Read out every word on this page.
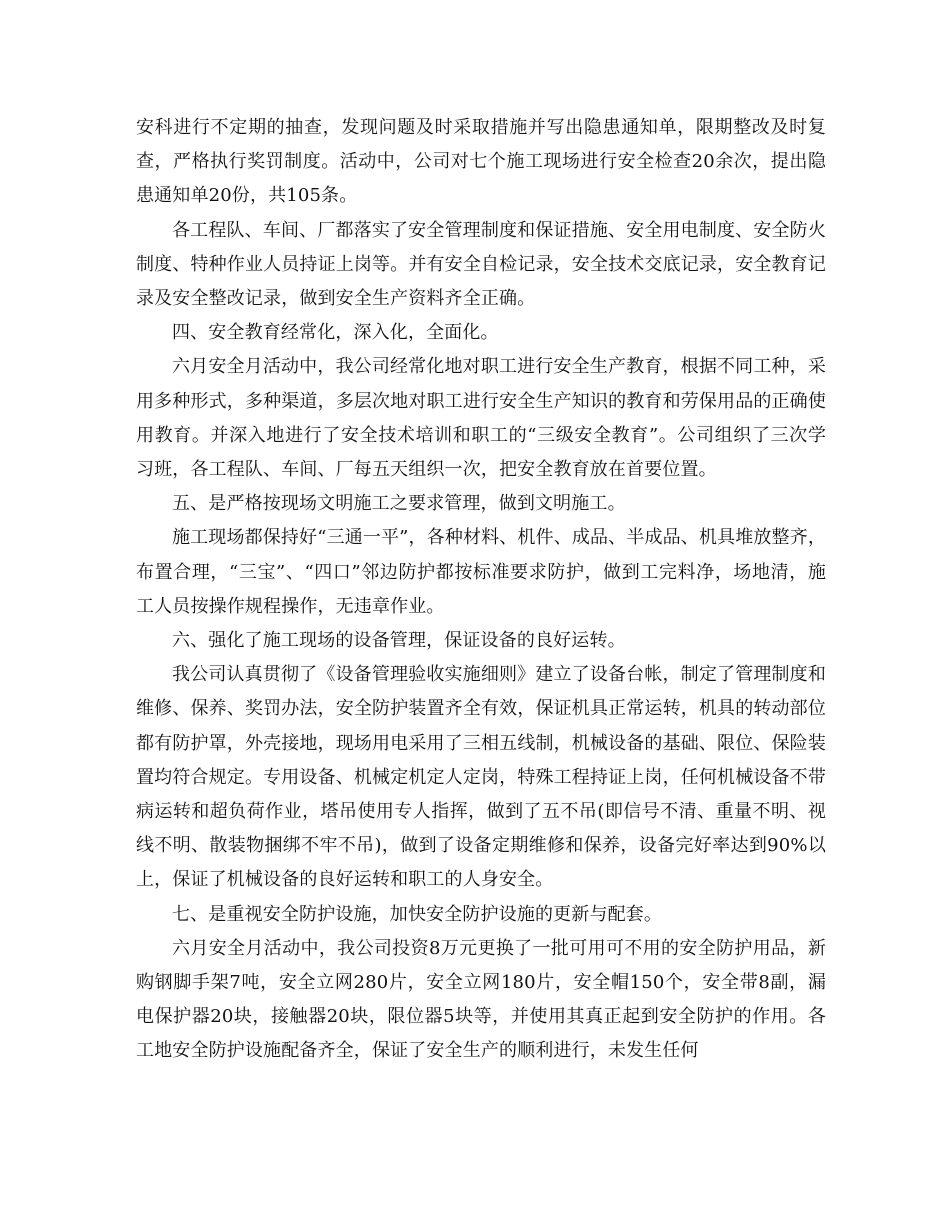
安科进行不定期的抽查，发现问题及时采取措施并写出隐患通知单，限期整改及时复查，严格执行奖罚制度。活动中，公司对七个施工现场进行安全检查20余次，提出隐患通知单20份，共105条。

各工程队、车间、厂都落实了安全管理制度和保证措施、安全用电制度、安全防火制度、特种作业人员持证上岗等。并有安全自检记录，安全技术交底记录，安全教育记录及安全整改记录，做到安全生产资料齐全正确。

四、安全教育经常化，深入化，全面化。

六月安全月活动中，我公司经常化地对职工进行安全生产教育，根据不同工种，采用多种形式，多种渠道，多层次地对职工进行安全生产知识的教育和劳保用品的正确使用教育。并深入地进行了安全技术培训和职工的“三级安全教育”。公司组织了三次学习班，各工程队、车间、厂每五天组织一次，把安全教育放在首要位置。

五、是严格按现场文明施工之要求管理，做到文明施工。

施工现场都保持好“三通一平”，各种材料、机件、成品、半成品、机具堆放整齐，布置合理，“三宝”、“四口”邻边防护都按标准要求防护，做到工完料净，场地清，施工人员按操作规程操作，无违章作业。

六、强化了施工现场的设备管理，保证设备的良好运转。

我公司认真贯彻了《设备管理验收实施细则》建立了设备台帐，制定了管理制度和维修、保养、奖罚办法，安全防护装置齐全有效，保证机具正常运转，机具的转动部位都有防护罩，外壳接地，现场用电采用了三相五线制，机械设备的基础、限位、保险装置均符合规定。专用设备、机械定机定人定岗，特殊工程持证上岗，任何机械设备不带病运转和超负荷作业，塔吊使用专人指挥，做到了五不吊(即信号不清、重量不明、视线不明、散装物捆绑不牢不吊)，做到了设备定期维修和保养，设备完好率达到90%以上，保证了机械设备的良好运转和职工的人身安全。

七、是重视安全防护设施，加快安全防护设施的更新与配套。

六月安全月活动中，我公司投资8万元更换了一批可用可不用的安全防护用品，新购钢脚手架7吨，安全立网280片，安全立网180片，安全帽150个，安全带8副，漏电保护器20块，接触器20块，限位器5块等，并使用其真正起到安全防护的作用。各工地安全防护设施配备齐全，保证了安全生产的顺利进行，未发生任何
